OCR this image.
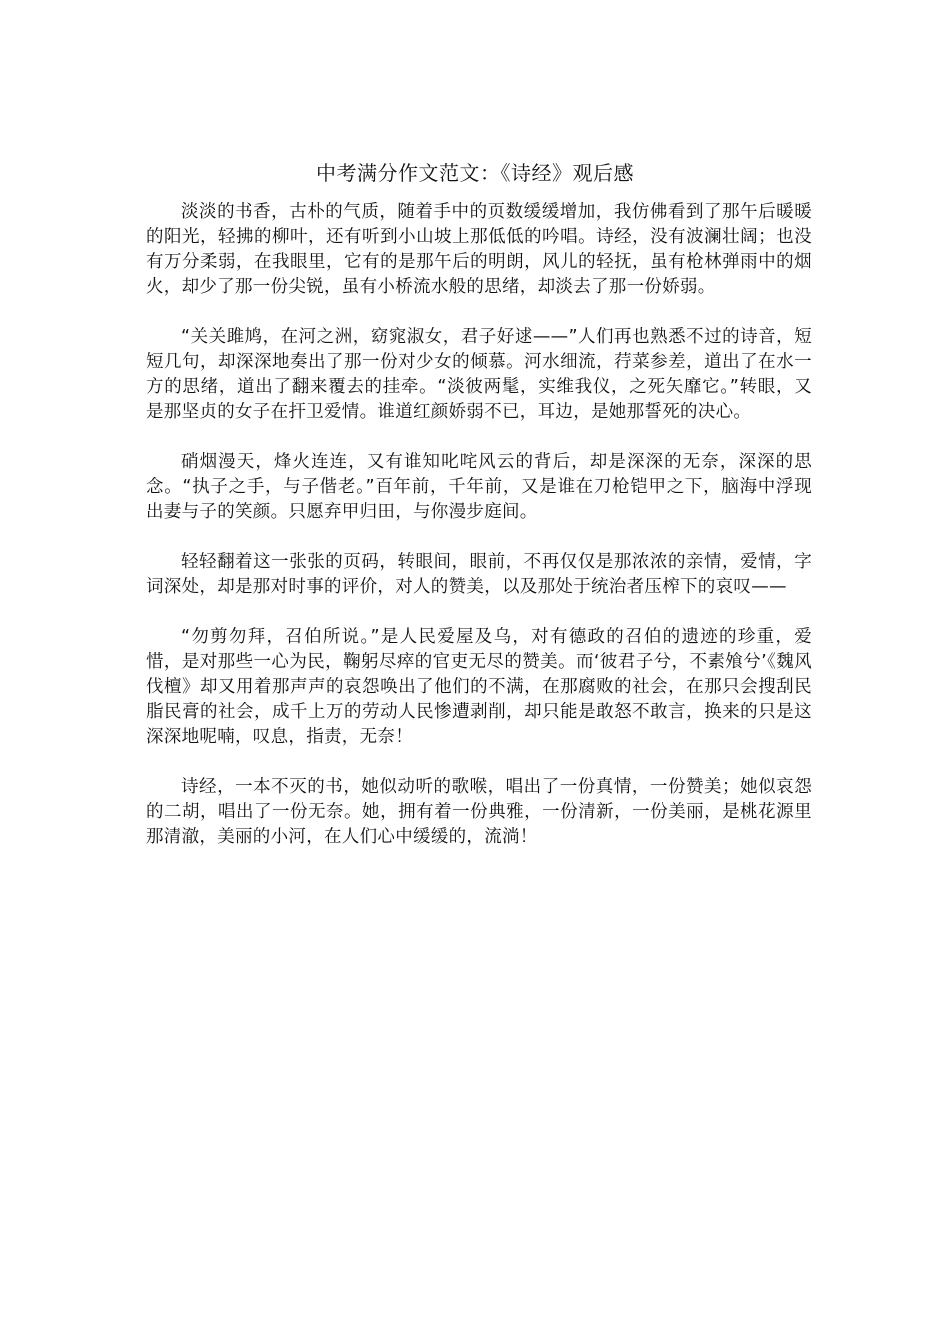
中考满分作文范文：《诗经》观后感

淡淡的书香，古朴的气质，随着手中的页数缓缓增加，我仿佛看到了那午后暖暖的阳光，轻拂的柳叶，还有听到小山坡上那低低的吟唱。诗经，没有波澜壮阔；也没有万分柔弱，在我眼里，它有的是那午后的明朗，风儿的轻抚，虽有枪林弹雨中的烟火，却少了那一份尖锐，虽有小桥流水般的思绪，却淡去了那一份娇弱。

“关关雎鸠，在河之洲，窈窕淑女，君子好逑——”人们再也熟悉不过的诗音，短短几句，却深深地奏出了那一份对少女的倾慕。河水细流，荇菜参差，道出了在水一方的思绪，道出了翻来覆去的挂牵。“淡彼两髦，实维我仪，之死矢靡它。”转眼，又是那坚贞的女子在扞卫爱情。谁道红颜娇弱不已，耳边，是她那誓死的决心。

硝烟漫天，烽火连连，又有谁知叱咤风云的背后，却是深深的无奈，深深的思念。“执子之手，与子偕老。”百年前，千年前，又是谁在刀枪铠甲之下，脑海中浮现出妻与子的笑颜。只愿弃甲归田，与你漫步庭间。

轻轻翻着这一张张的页码，转眼间，眼前，不再仅仅是那浓浓的亲情，爱情，字词深处，却是那对时事的评价，对人的赞美，以及那处于统治者压榨下的哀叹——

“勿剪勿拜，召伯所说。”是人民爱屋及乌，对有德政的召伯的遗迹的珍重，爱惜，是对那些一心为民，鞠躬尽瘁的官吏无尽的赞美。而‘彼君子兮，不素飧兮’《魏风伐檀》却又用着那声声的哀怨唤出了他们的不满，在那腐败的社会，在那只会搜刮民脂民膏的社会，成千上万的劳动人民惨遭剥削，却只能是敢怒不敢言，换来的只是这深深地呢喃，叹息，指责，无奈！

诗经，一本不灭的书，她似动听的歌喉，唱出了一份真情，一份赞美；她似哀怨的二胡，唱出了一份无奈。她，拥有着一份典雅，一份清新，一份美丽，是桃花源里那清澈，美丽的小河，在人们心中缓缓的，流淌！
